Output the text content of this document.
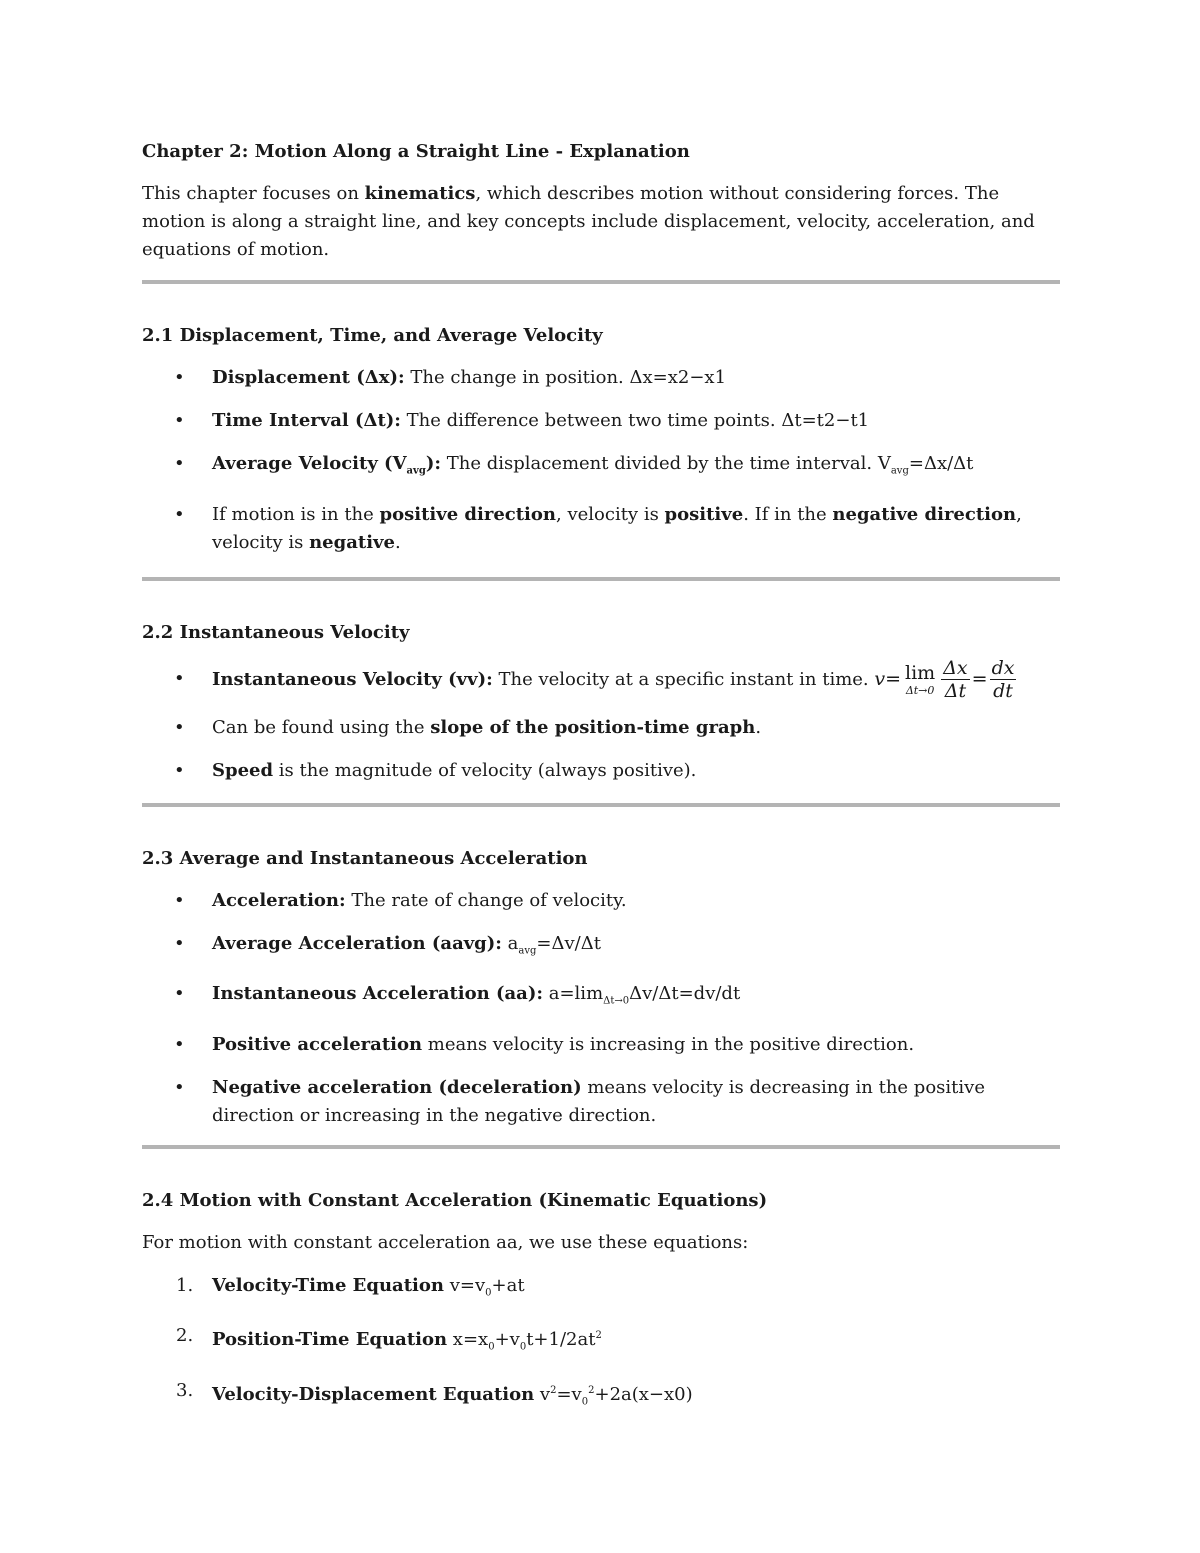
Chapter 2: Motion Along a Straight Line - Explanation

This chapter focuses on kinematics, which describes motion without considering forces. The motion is along a straight line, and key concepts include displacement, velocity, acceleration, and equations of motion.

2.1 Displacement, Time, and Average Velocity
• Displacement (Δx): The change in position. Δx=x2−x1
• Time Interval (Δt): The difference between two time points. Δt=t2−t1
• Average Velocity $(V_{avg})$: The displacement divided by the time interval. $V_{avg}=\Delta x/\Delta t$
• If motion is in the positive direction, velocity is positive. If in the negative direction, velocity is negative.
2.2 Instantaneous Velocity
• Instantaneous Velocity (vv): The velocity at a specific instant in time. v= lim
$\Delta t\to 0 \frac{\Delta x}{\Delta t} = \frac{dx}{dt}$
• Can be found using the slope of the position-time graph.
• Speed is the magnitude of velocity (always positive).
2.3 Average and Instantaneous Acceleration
• Acceleration: The rate of change of velocity.
• Average Acceleration (aavg): $a_{avg}=\Delta v/\Delta t$
• Instantaneous Acceleration (aa): $a=\lim_{\Delta t\to 0}\Delta v/\Delta t=dv/dt$
• Positive acceleration means velocity is increasing in the positive direction.
• Negative acceleration (deceleration) means velocity is decreasing in the positive direction or increasing in the negative direction.
2.4 Motion with Constant Acceleration (Kinematic Equations)

For motion with constant acceleration aa, we use these equations:

1. Velocity-Time Equation $v=v_0+at$
2. Position-Time Equation $x=x_0+v_0t+1/2at^2$
3. Velocity-Displacement Equation $v^2=v_0^2+2a(x-x0)$
